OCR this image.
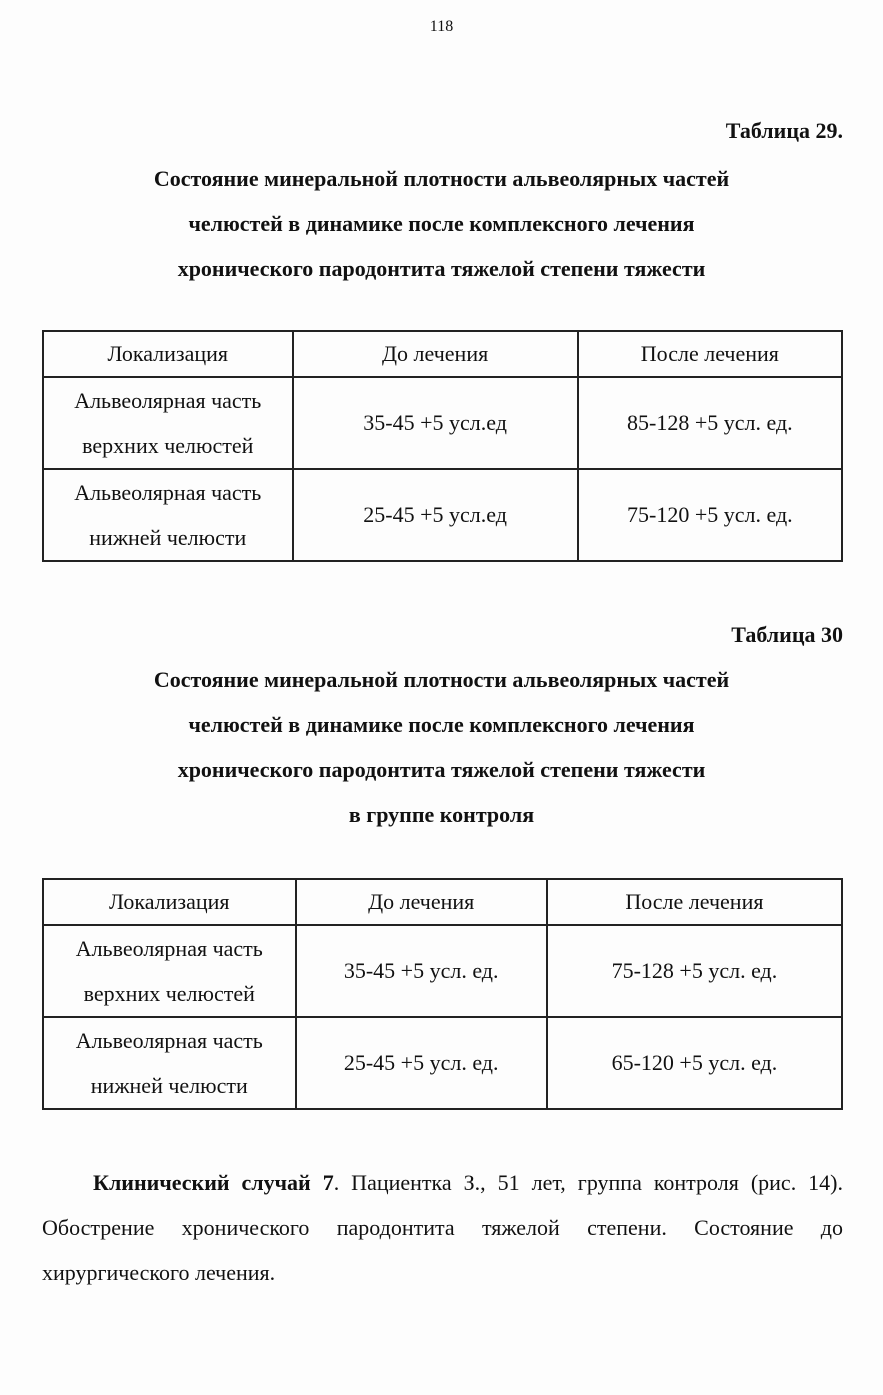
118

Таблица 29.
Состояние минеральной плотности альвеолярных частей
челюстей в динамике после комплексного лечения
хронического пародонтита тяжелой степени тяжести
Локализация	До лечения	После лечения

Альвеолярная часть
верхних челюстей	35-45 +5 усл.ед	85-128 +5 усл. ед.

Альвеолярная часть
нижней челюсти	25-45 +5 усл.ед	75-120 +5 усл. ед.
Таблица 30
Состояние минеральной плотности альвеолярных частей
челюстей в динамике после комплексного лечения
хронического пародонтита тяжелой степени тяжести
в группе контроля
Локализация	До лечения	После лечения

Альвеолярная часть
верхних челюстей	35-45 +5 усл. ед.	75-128 +5 усл. ед.

Альвеолярная часть
нижней челюсти	25-45 +5 усл. ед.	65-120 +5 усл. ед.
Клинический случай 7. Пациентка З., 51 лет, группа контроля (рис. 14). Обострение хронического пародонтита тяжелой степени. Состояние до хирургического лечения.
